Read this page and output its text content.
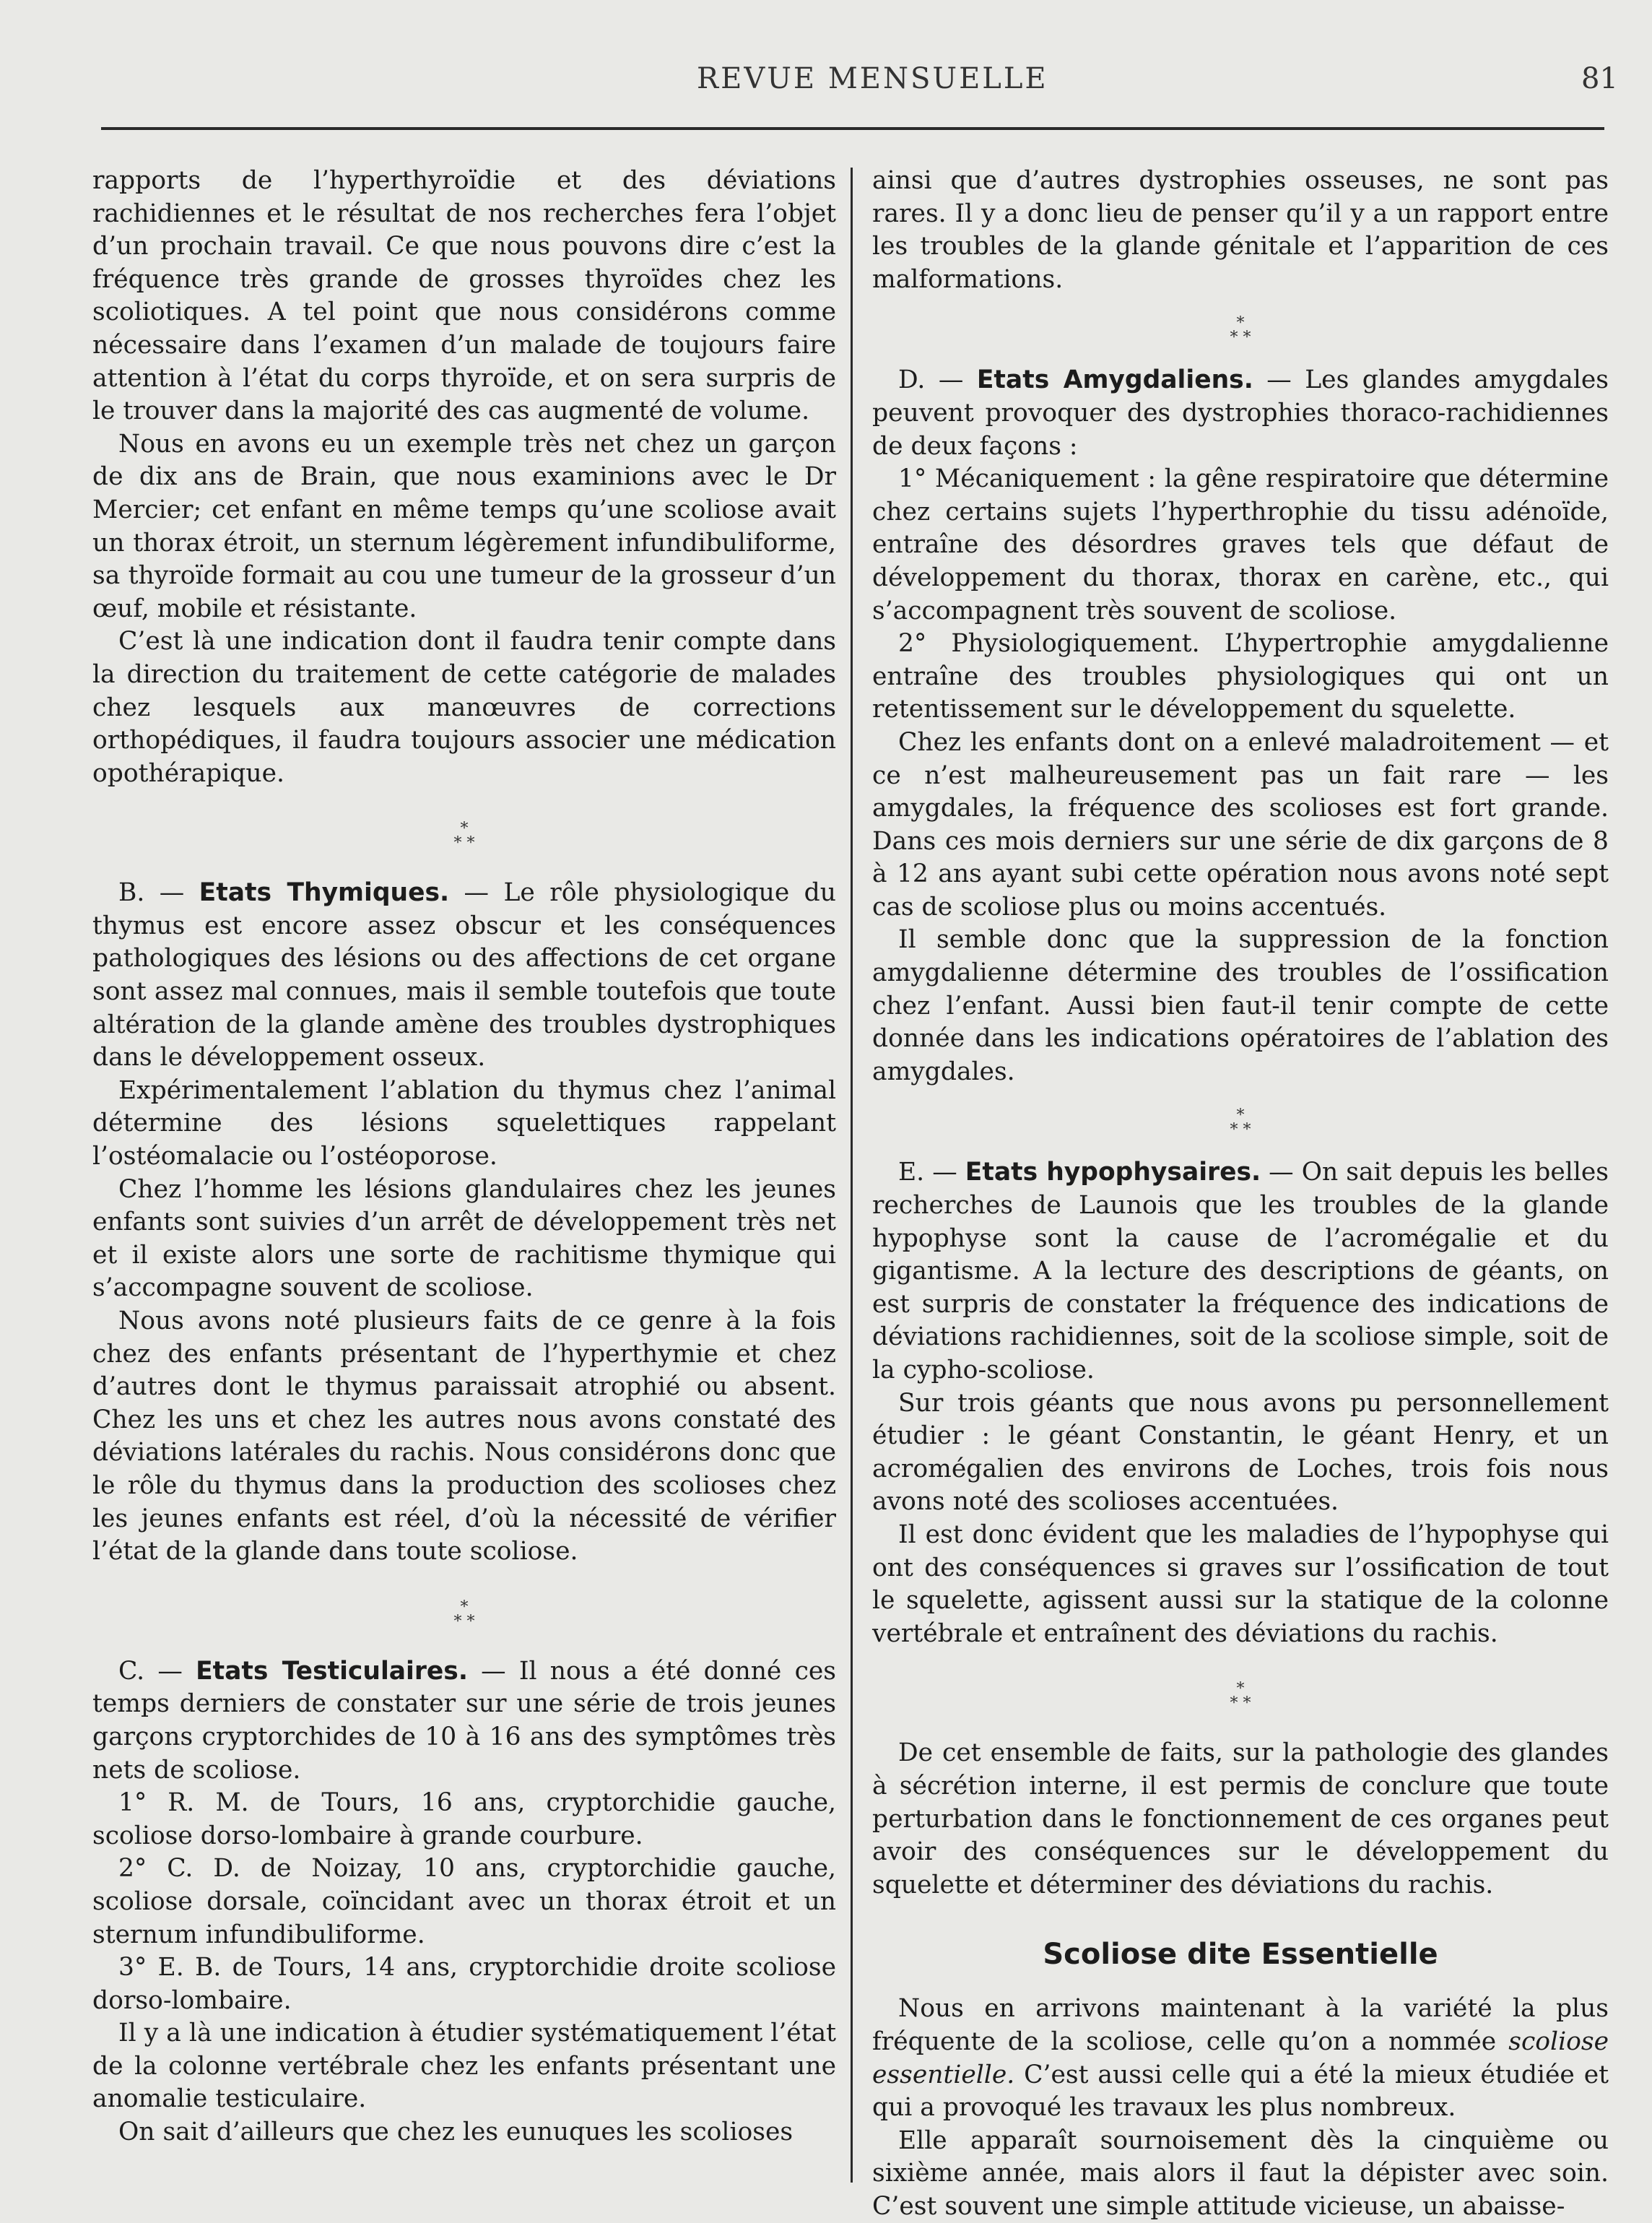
REVUE MENSUELLE	81

rapports de l’hyperthyroïdie et des déviations rachidiennes et le résultat de nos recherches fera l’objet d’un prochain travail. Ce que nous pouvons dire c’est la fréquence très grande de grosses thyroïdes chez les scoliotiques. A tel point que nous considérons comme nécessaire dans l’examen d’un malade de toujours faire attention à l’état du corps thyroïde, et on sera surpris de le trouver dans la majorité des cas augmenté de volume.

Nous en avons eu un exemple très net chez un garçon de dix ans de Brain, que nous examinions avec le Dr Mercier; cet enfant en même temps qu’une scoliose avait un thorax étroit, un sternum légèrement infundibuliforme, sa thyroïde formait au cou une tumeur de la grosseur d’un œuf, mobile et résistante.

C’est là une indication dont il faudra tenir compte dans la direction du traitement de cette catégorie de malades chez lesquels aux manœuvres de corrections orthopédiques, il faudra toujours associer une médication opothérapique.

*
* *

B. — Etats Thymiques. — Le rôle physiologique du thymus est encore assez obscur et les conséquences pathologiques des lésions ou des affections de cet organe sont assez mal connues, mais il semble toutefois que toute altération de la glande amène des troubles dystrophiques dans le développement osseux.

Expérimentalement l’ablation du thymus chez l’animal détermine des lésions squelettiques rappelant l’ostéomalacie ou l’ostéoporose.

Chez l’homme les lésions glandulaires chez les jeunes enfants sont suivies d’un arrêt de développement très net et il existe alors une sorte de rachitisme thymique qui s’accompagne souvent de scoliose.

Nous avons noté plusieurs faits de ce genre à la fois chez des enfants présentant de l’hyperthymie et chez d’autres dont le thymus paraissait atrophié ou absent. Chez les uns et chez les autres nous avons constaté des déviations latérales du rachis. Nous considérons donc que le rôle du thymus dans la production des scolioses chez les jeunes enfants est réel, d’où la nécessité de vérifier l’état de la glande dans toute scoliose.

*
* *

C. — Etats Testiculaires. — Il nous a été donné ces temps derniers de constater sur une série de trois jeunes garçons cryptorchides de 10 à 16 ans des symptômes très nets de scoliose.

1° R. M. de Tours, 16 ans, cryptorchidie gauche, scoliose dorso-lombaire à grande courbure.

2° C. D. de Noizay, 10 ans, cryptorchidie gauche, scoliose dorsale, coïncidant avec un thorax étroit et un sternum infundibuliforme.

3° E. B. de Tours, 14 ans, cryptorchidie droite scoliose dorso-lombaire.

Il y a là une indication à étudier systématiquement l’état de la colonne vertébrale chez les enfants présentant une anomalie testiculaire.

On sait d’ailleurs que chez les eunuques les scolioses

ainsi que d’autres dystrophies osseuses, ne sont pas rares. Il y a donc lieu de penser qu’il y a un rapport entre les troubles de la glande génitale et l’apparition de ces malformations.

*
* *

D. — Etats Amygdaliens. — Les glandes amygdales peuvent provoquer des dystrophies thoraco-rachidiennes de deux façons :

1° Mécaniquement : la gêne respiratoire que détermine chez certains sujets l’hyperthrophie du tissu adénoïde, entraîne des désordres graves tels que défaut de développement du thorax, thorax en carène, etc., qui s’accompagnent très souvent de scoliose.

2° Physiologiquement. L’hypertrophie amygdalienne entraîne des troubles physiologiques qui ont un retentissement sur le développement du squelette.

Chez les enfants dont on a enlevé maladroitement — et ce n’est malheureusement pas un fait rare — les amygdales, la fréquence des scolioses est fort grande. Dans ces mois derniers sur une série de dix garçons de 8 à 12 ans ayant subi cette opération nous avons noté sept cas de scoliose plus ou moins accentués.

Il semble donc que la suppression de la fonction amygdalienne détermine des troubles de l’ossification chez l’enfant. Aussi bien faut-il tenir compte de cette donnée dans les indications opératoires de l’ablation des amygdales.

*
* *

E. — Etats hypophysaires. — On sait depuis les belles recherches de Launois que les troubles de la glande hypophyse sont la cause de l’acromégalie et du gigantisme. A la lecture des descriptions de géants, on est surpris de constater la fréquence des indications de déviations rachidiennes, soit de la scoliose simple, soit de la cypho-scoliose.

Sur trois géants que nous avons pu personnellement étudier : le géant Constantin, le géant Henry, et un acromégalien des environs de Loches, trois fois nous avons noté des scolioses accentuées.

Il est donc évident que les maladies de l’hypophyse qui ont des conséquences si graves sur l’ossification de tout le squelette, agissent aussi sur la statique de la colonne vertébrale et entraînent des déviations du rachis.

*
* *

De cet ensemble de faits, sur la pathologie des glandes à sécrétion interne, il est permis de conclure que toute perturbation dans le fonctionnement de ces organes peut avoir des conséquences sur le développement du squelette et déterminer des déviations du rachis.

Scoliose dite Essentielle

Nous en arrivons maintenant à la variété la plus fréquente de la scoliose, celle qu’on a nommée scoliose essentielle. C’est aussi celle qui a été la mieux étudiée et qui a provoqué les travaux les plus nombreux.

Elle apparaît sournoisement dès la cinquième ou sixième année, mais alors il faut la dépister avec soin. C’est souvent une simple attitude vicieuse, un abaisse-
